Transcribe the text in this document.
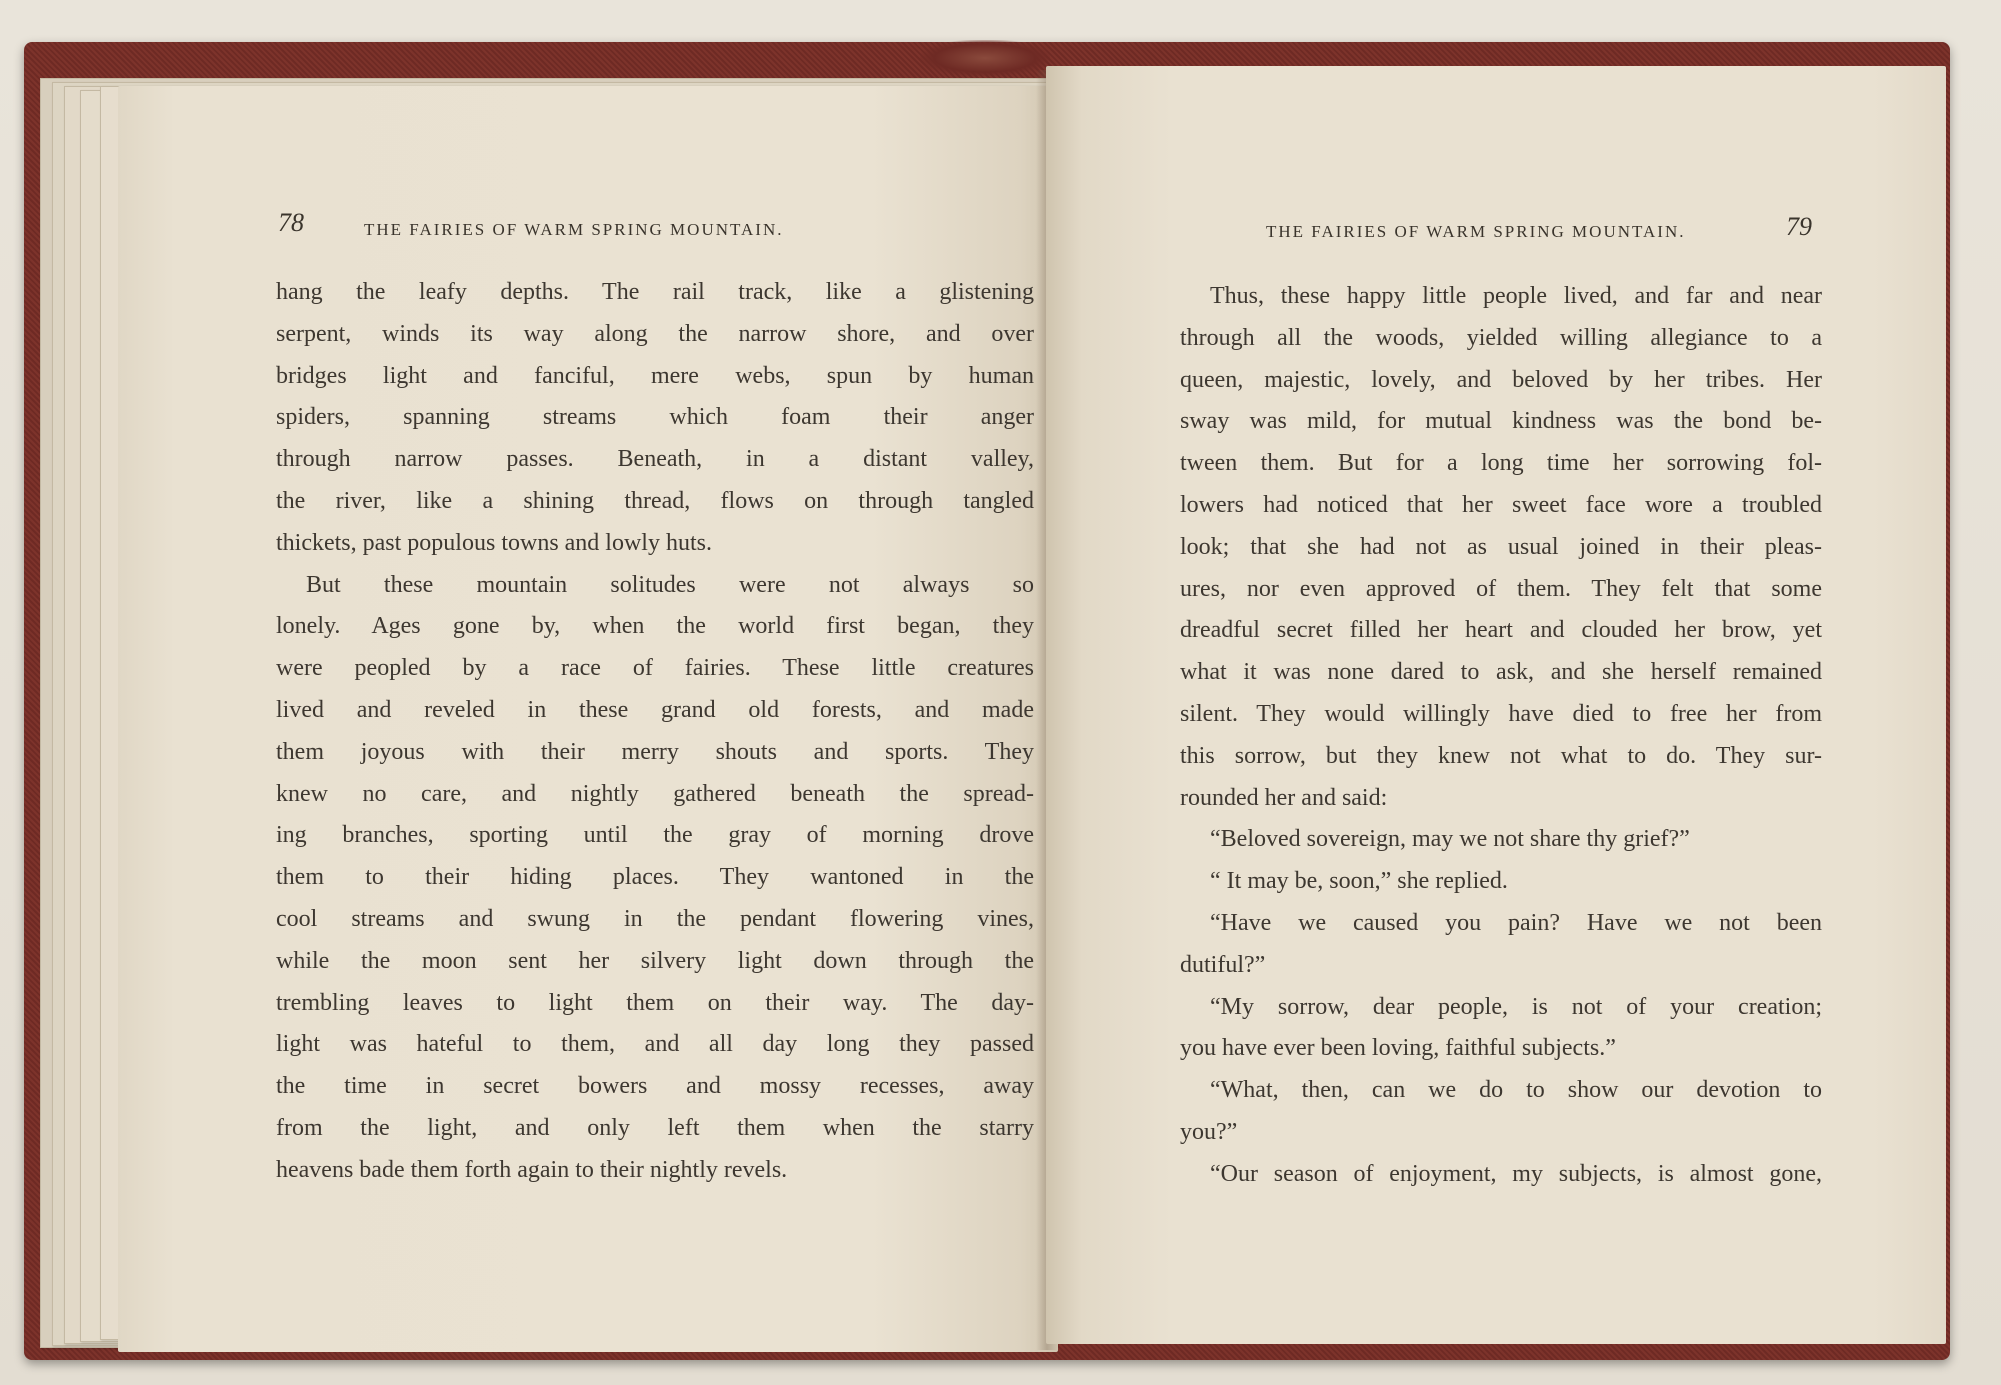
78	THE FAIRIES OF WARM SPRING MOUNTAIN.
hang the leafy depths. The rail track, like a glistening
serpent, winds its way along the narrow shore, and over
bridges light and fanciful, mere webs, spun by human
spiders, spanning streams which foam their anger
through narrow passes. Beneath, in a distant valley,
the river, like a shining thread, flows on through tangled
thickets, past populous towns and lowly huts.
But these mountain solitudes were not always so
lonely. Ages gone by, when the world first began, they
were peopled by a race of fairies. These little creatures
lived and reveled in these grand old forests, and made
them joyous with their merry shouts and sports. They
knew no care, and nightly gathered beneath the spread-
ing branches, sporting until the gray of morning drove
them to their hiding places. They wantoned in the
cool streams and swung in the pendant flowering vines,
while the moon sent her silvery light down through the
trembling leaves to light them on their way. The day-
light was hateful to them, and all day long they passed
the time in secret bowers and mossy recesses, away
from the light, and only left them when the starry
heavens bade them forth again to their nightly revels.
THE FAIRIES OF WARM SPRING MOUNTAIN.	79
Thus, these happy little people lived, and far and near
through all the woods, yielded willing allegiance to a
queen, majestic, lovely, and beloved by her tribes. Her
sway was mild, for mutual kindness was the bond be-
tween them. But for a long time her sorrowing fol-
lowers had noticed that her sweet face wore a troubled
look; that she had not as usual joined in their pleas-
ures, nor even approved of them. They felt that some
dreadful secret filled her heart and clouded her brow, yet
what it was none dared to ask, and she herself remained
silent. They would willingly have died to free her from
this sorrow, but they knew not what to do. They sur-
rounded her and said:
“Beloved sovereign, may we not share thy grief?”
“ It may be, soon,” she replied.
“Have we caused you pain? Have we not been
dutiful?”
“My sorrow, dear people, is not of your creation;
you have ever been loving, faithful subjects.”
“What, then, can we do to show our devotion to
you?”
“Our season of enjoyment, my subjects, is almost gone,
